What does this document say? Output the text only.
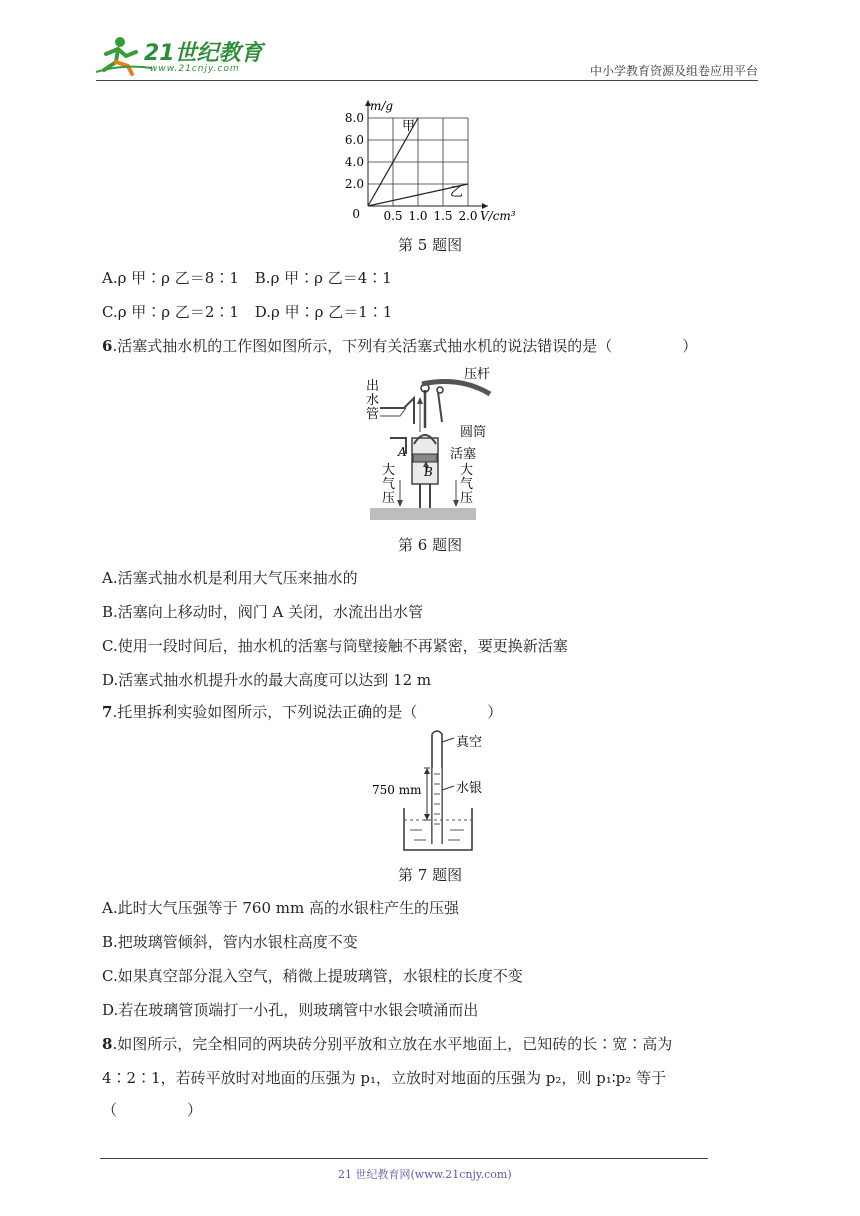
21世纪教育
www.21cnjy.com	中小学教育资源及组卷应用平台
0.5 1.0 1.5 2.0
2.0
4.0
6.0
8.0
0
m/g
V/cm³
甲
乙
第 5 题图
A.ρ 甲∶ρ 乙＝8∶1 B.ρ 甲∶ρ 乙＝4∶1
C.ρ 甲∶ρ 乙＝2∶1 D.ρ 甲∶ρ 乙＝1∶1
6.活塞式抽水机的工作图如图所示，下列有关活塞式抽水机的说法错误的是（	）
出
水
管
压杆
圆筒
A
B
活塞
大
气
压
大
气
压
第 6 题图
A.活塞式抽水机是利用大气压来抽水的
B.活塞向上移动时，阀门 A 关闭，水流出出水管
C.使用一段时间后，抽水机的活塞与筒壁接触不再紧密，要更换新活塞
D.活塞式抽水机提升水的最大高度可以达到 12 m
7.托里拆利实验如图所示，下列说法正确的是（	）
真空
750 mm	水银
第 7 题图
A.此时大气压强等于 760 mm 高的水银柱产生的压强
B.把玻璃管倾斜，管内水银柱高度不变
C.如果真空部分混入空气，稍微上提玻璃管，水银柱的长度不变
D.若在玻璃管顶端打一小孔，则玻璃管中水银会喷涌而出
8.如图所示，完全相同的两块砖分别平放和立放在水平地面上，已知砖的长∶宽∶高为
4∶2∶1，若砖平放时对地面的压强为 p₁，立放时对地面的压强为 p₂，则 p₁∶p₂ 等于
（	）
21 世纪教育网(www.21cnjy.com)
